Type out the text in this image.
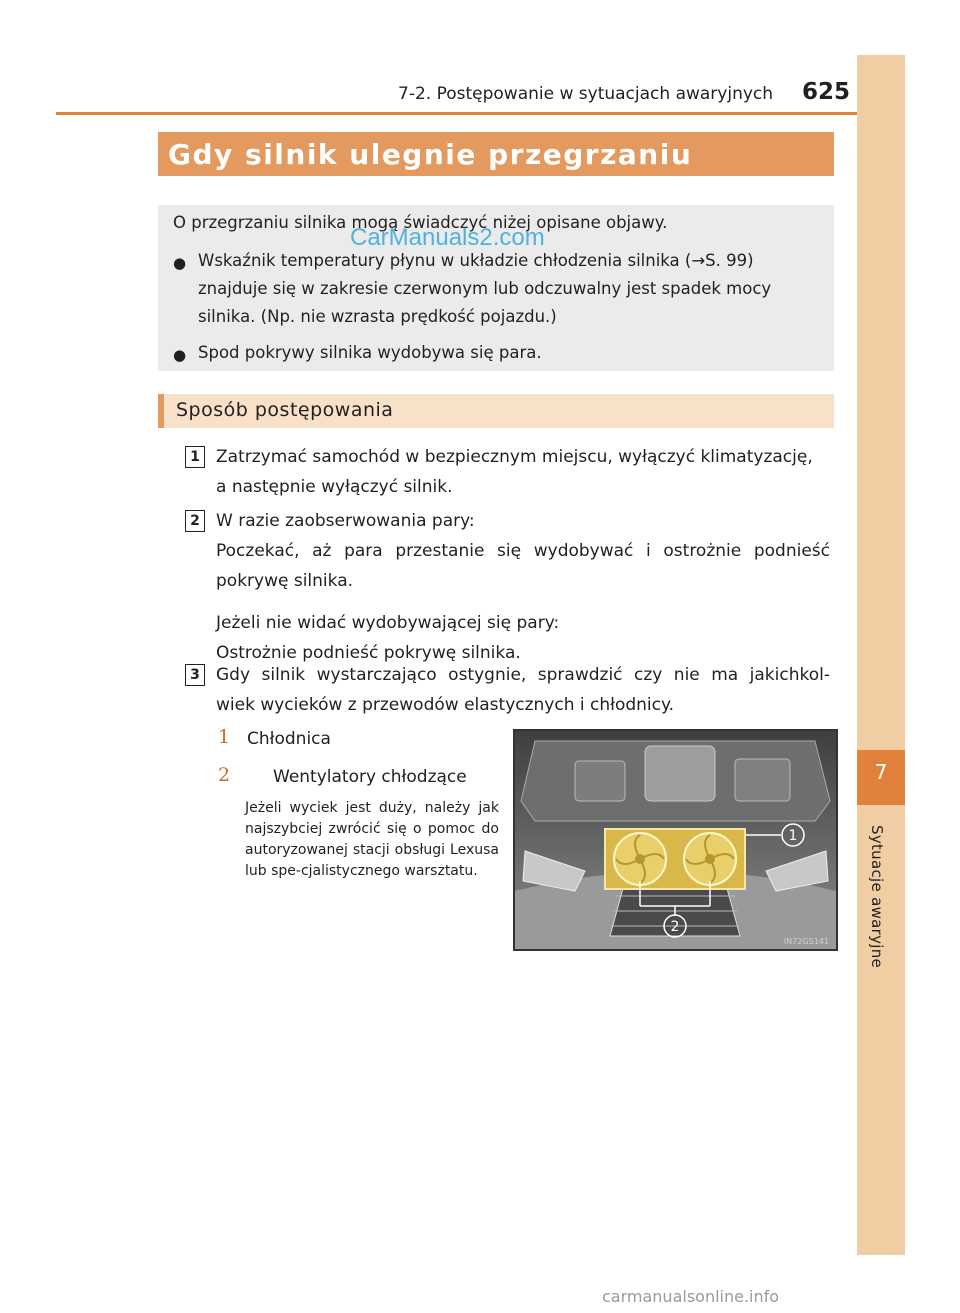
7
Sytuacje awaryjne
7-2. Postępowanie w sytuacjach awaryjnych 625
Gdy silnik ulegnie przegrzaniu
O przegrzaniu silnika mogą świadczyć niżej opisane objawy.
CarManuals2.com
● Wskaźnik temperatury płynu w układzie chłodzenia silnika (→S. 99)
znajduje się w zakresie czerwonym lub odczuwalny jest spadek mocy
silnika. (Np. nie wzrasta prędkość pojazdu.)
● Spod pokrywy silnika wydobywa się para.
Sposób postępowania
1 Zatrzymać samochód w bezpiecznym miejscu, wyłączyć klimatyzację,
a następnie wyłączyć silnik.
2 W razie zaobserwowania pary:
Poczekać, aż para przestanie się wydobywać i ostrożnie podnieść
pokrywę silnika.
Jeżeli nie widać wydobywającej się pary:
Ostrożnie podnieść pokrywę silnika.
3 Gdy silnik wystarczająco ostygnie, sprawdzić czy nie ma jakichkol-
wiek wycieków z przewodów elastycznych i chłodnicy.
1 Chłodnica
2	Wentylatory chłodzące
Jeżeli wyciek jest duży, należy jak najszybciej zwrócić się o pomoc do autoryzowanej stacji obsługi Lexusa lub spe-cjalistycznego warsztatu.
1
2
IN72GS141
carmanualsonline.info
